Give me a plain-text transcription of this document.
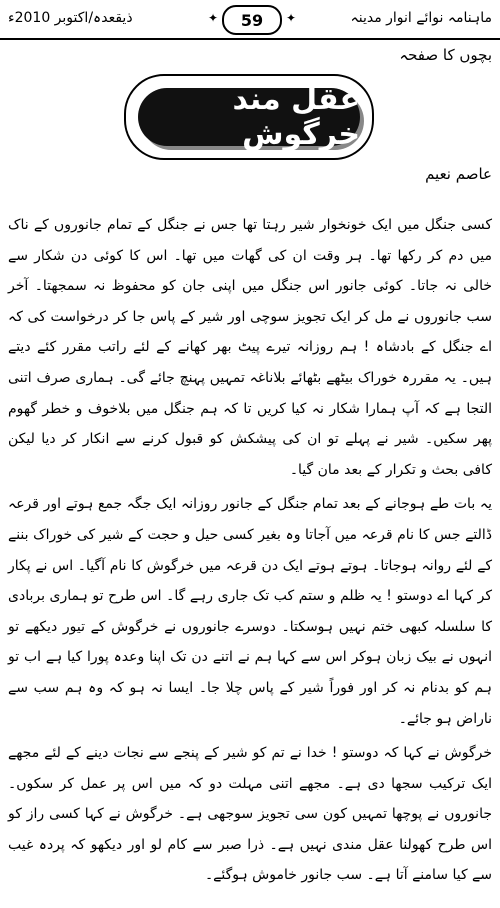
ماہنامہ نوائے انوار مدینہ
✦ 59
✦
ذیقعدہ/اکتوبر 2010ء
بچوں کا صفحہ
عقل مند خرگوش
عاصم نعیم

کسی جنگل میں ایک خونخوار شیر رہتا تھا جس نے جنگل کے تمام جانوروں کے ناک میں دم کر رکھا تھا۔ ہر وقت ان کی گھات میں تھا۔ اس کا کوئی دن شکار سے خالی نہ جاتا۔ کوئی جانور اس جنگل میں اپنی جان کو محفوظ نہ سمجھتا۔ آخر سب جانوروں نے مل کر ایک تجویز سوچی اور شیر کے پاس جا کر درخواست کی کہ اے جنگل کے بادشاہ ! ہم روزانہ تیرے پیٹ بھر کھانے کے لئے راتب مقرر کئے دیتے ہیں۔ یہ مقررہ خوراک بیٹھے بٹھائے بلاناغہ تمہیں پہنچ جائے گی۔ ہماری صرف اتنی التجا ہے کہ آپ ہمارا شکار نہ کیا کریں تا کہ ہم جنگل میں بلاخوف و خطر گھوم پھر سکیں۔ شیر نے پہلے تو ان کی پیشکش کو قبول کرنے سے انکار کر دیا لیکن کافی بحث و تکرار کے بعد مان گیا۔

یہ بات طے ہوجانے کے بعد تمام جنگل کے جانور روزانہ ایک جگہ جمع ہوتے اور قرعہ ڈالتے جس کا نام قرعہ میں آجاتا وہ بغیر کسی حیل و حجت کے شیر کی خوراک بننے کے لئے روانہ ہوجاتا۔ ہوتے ہوتے ایک دن قرعہ میں خرگوش کا نام آگیا۔ اس نے پکار کر کہا اے دوستو ! یہ ظلم و ستم کب تک جاری رہے گا۔ اس طرح تو ہماری بربادی کا سلسلہ کبھی ختم نہیں ہوسکتا۔ دوسرے جانوروں نے خرگوش کے تیور دیکھے تو انہوں نے بیک زبان ہوکر اس سے کہا ہم نے اتنے دن تک اپنا وعدہ پورا کیا ہے اب تو ہم کو بدنام نہ کر اور فوراً شیر کے پاس چلا جا۔ ایسا نہ ہو کہ وہ ہم سب سے ناراض ہو جائے۔

خرگوش نے کہا کہ دوستو ! خدا نے تم کو شیر کے پنجے سے نجات دینے کے لئے مجھے ایک ترکیب سجھا دی ہے۔ مجھے اتنی مہلت دو کہ میں اس پر عمل کر سکوں۔ جانوروں نے پوچھا تمہیں کون سی تجویز سوجھی ہے۔ خرگوش نے کہا کسی راز کو اس طرح کھولنا عقل مندی نہیں ہے۔ ذرا صبر سے کام لو اور دیکھو کہ پردہ غیب سے کیا سامنے آتا ہے۔ سب جانور خاموش ہوگئے۔
